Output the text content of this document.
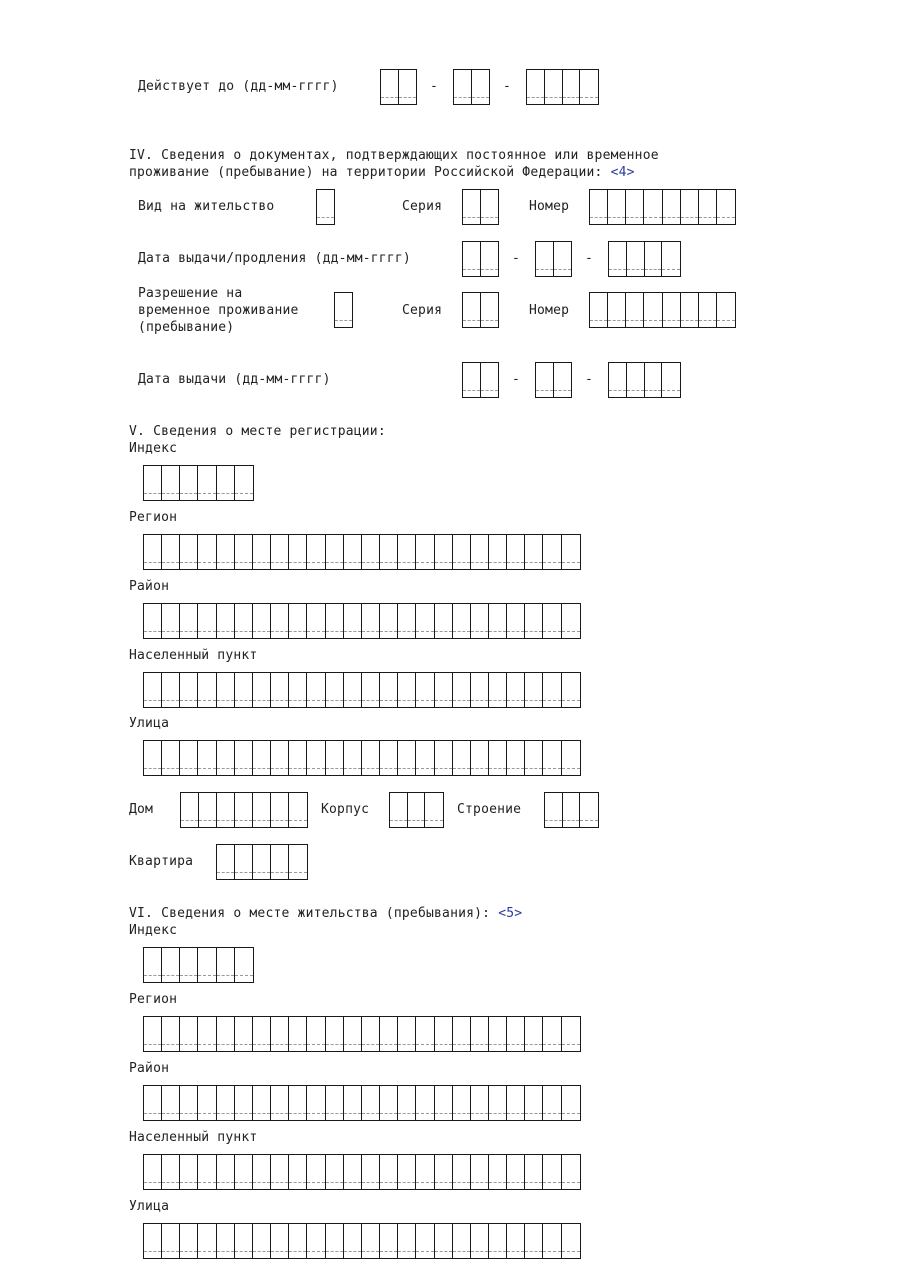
Действует до (дд-мм-гггг)	-	-
IV. Сведения о документах, подтверждающих постоянное или временное
проживание (пребывание) на территории Российской Федерации: <4>
Вид на жительство	Серия	Номер
Дата выдачи/продления (дд-мм-гггг)	-	-
Разрешение на
временное проживание
(пребывание)
Серия	Номер
Дата выдачи (дд-мм-гггг)	-	-
V. Сведения о месте регистрации:
Индекс
Регион
Район
Населенный пункт
Улица
Дом	Корпус	Строение
Квартира
VI. Сведения о месте жительства (пребывания): <5>
Индекс
Регион
Район
Населенный пункт
Улица
